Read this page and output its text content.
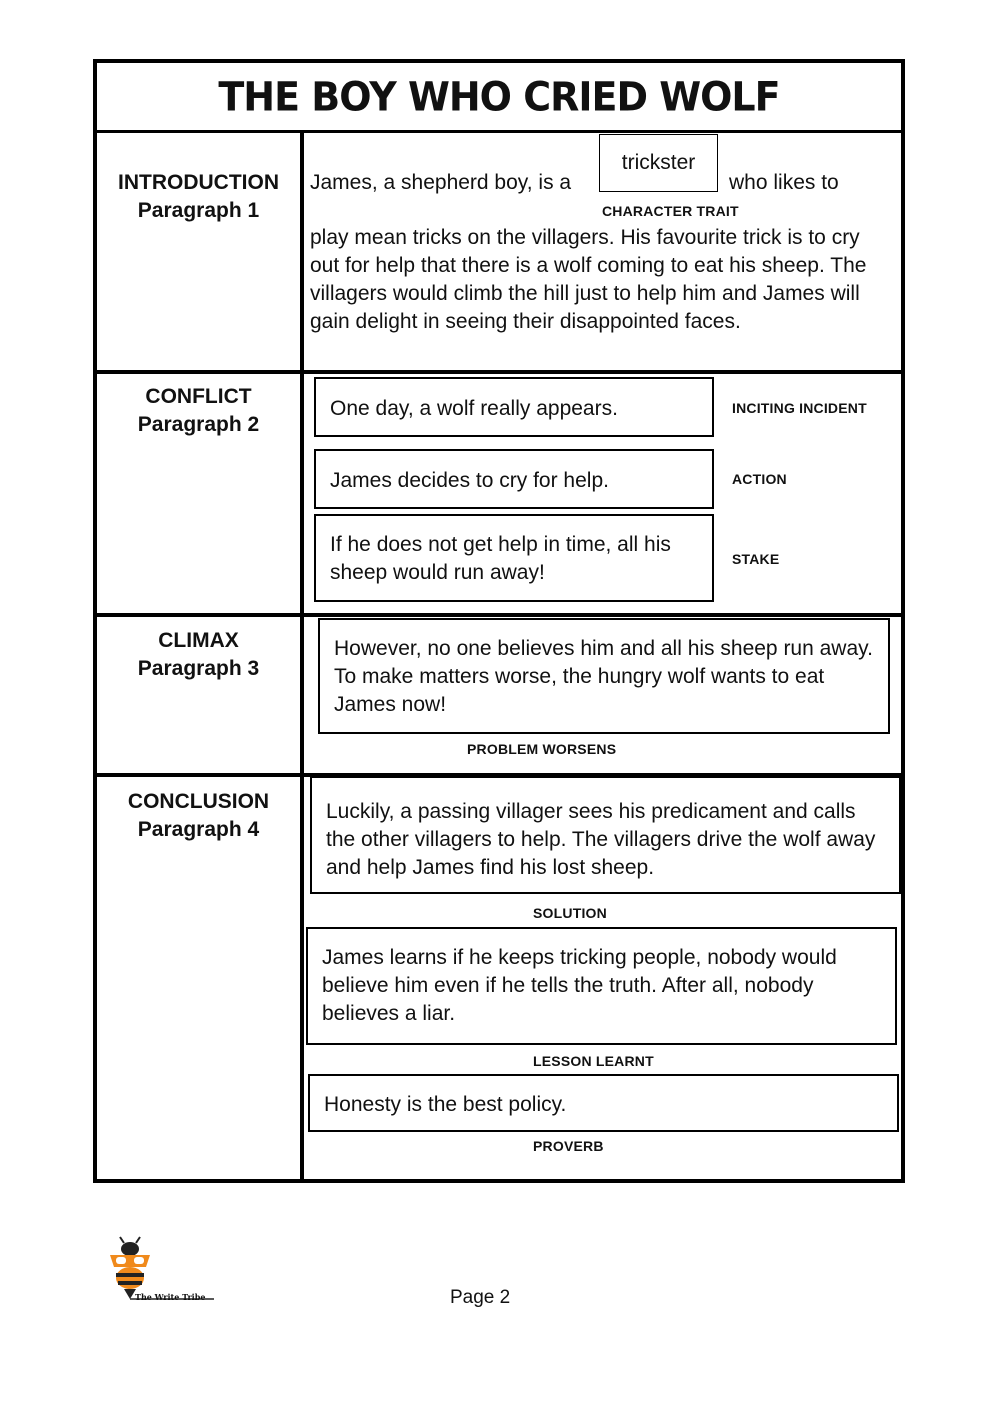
THE BOY WHO CRIED WOLF
INTRODUCTION
Paragraph 1
James, a shepherd boy, is a
trickster
who likes to
CHARACTER TRAIT
play mean tricks on the villagers. His favourite trick is to cry out for help that there is a wolf coming to eat his sheep. The villagers would climb the hill just to help him and James will gain delight in seeing their disappointed faces.
CONFLICT
Paragraph 2
One day, a wolf really appears.	INCITING INCIDENT
James decides to cry for help.	ACTION
If he does not get help in time, all his sheep would run away!
STAKE
CLIMAX
Paragraph 3
However, no one believes him and all his sheep run away. To make matters worse, the hungry wolf wants to eat James now!
PROBLEM WORSENS
CONCLUSION
Paragraph 4
Luckily, a passing villager sees his predicament and calls the other villagers to help. The villagers drive the wolf away and help James find his lost sheep.
SOLUTION
James learns if he keeps tricking people, nobody would believe him even if he tells the truth. After all, nobody believes a liar.
LESSON LEARNT
Honesty is the best policy.
PROVERB
The Write Tribe	Page 2
